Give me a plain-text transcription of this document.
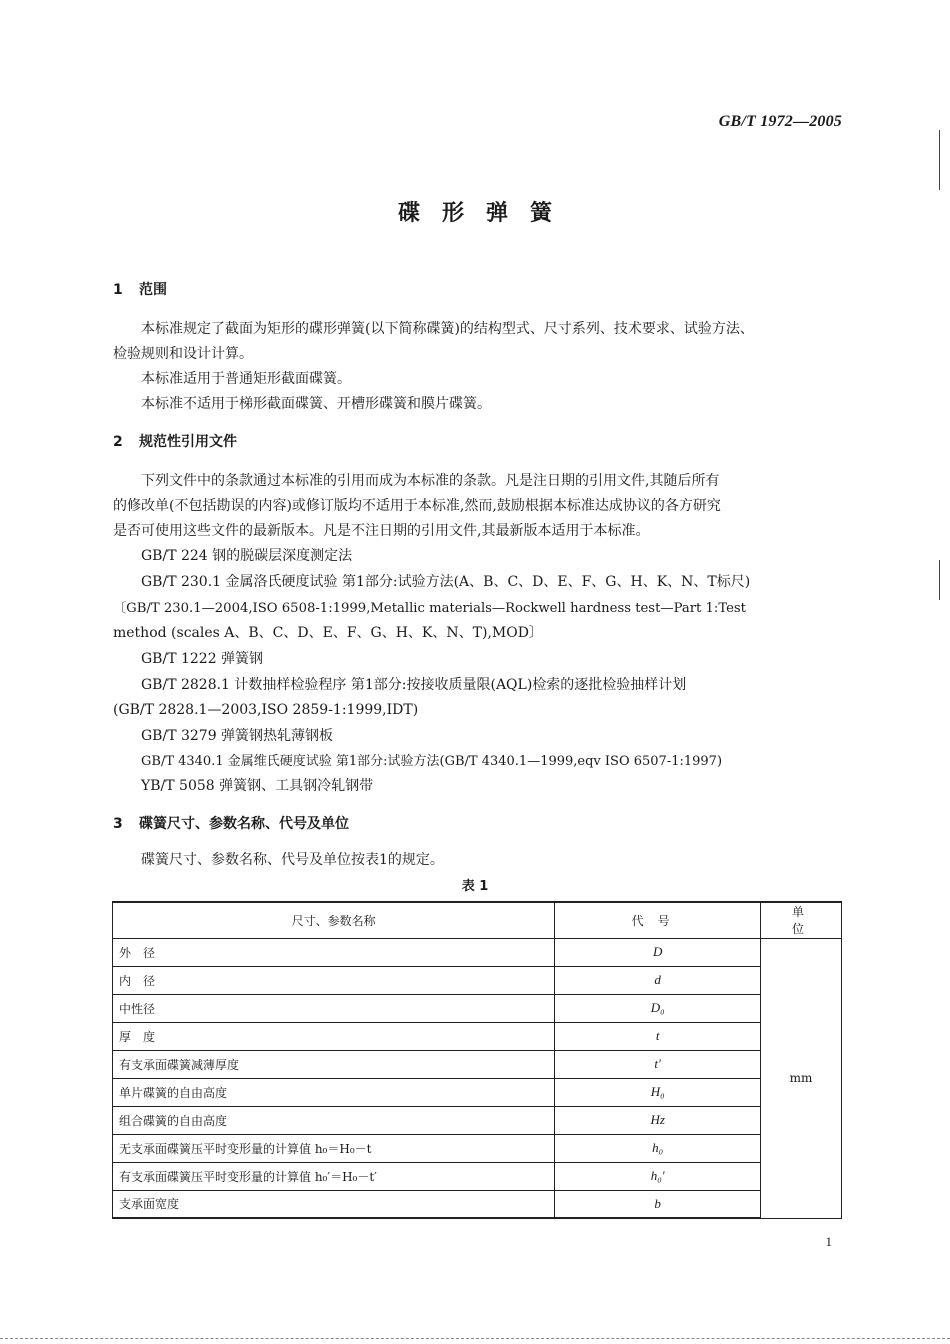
GB/T 1972—2005
碟形弹簧
1 范围
本标准规定了截面为矩形的碟形弹簧(以下简称碟簧)的结构型式、尺寸系列、技术要求、试验方法、
检验规则和设计计算。
本标准适用于普通矩形截面碟簧。
本标准不适用于梯形截面碟簧、开槽形碟簧和膜片碟簧。
2 规范性引用文件
下列文件中的条款通过本标准的引用而成为本标准的条款。凡是注日期的引用文件,其随后所有
的修改单(不包括勘误的内容)或修订版均不适用于本标准,然而,鼓励根据本标准达成协议的各方研究
是否可使用这些文件的最新版本。凡是不注日期的引用文件,其最新版本适用于本标准。
GB/T 224 钢的脱碳层深度测定法
GB/T 230.1 金属洛氏硬度试验 第1部分:试验方法(A、B、C、D、E、F、G、H、K、N、T标尺)
〔GB/T 230.1—2004,ISO 6508-1:1999,Metallic materials—Rockwell hardness test—Part 1:Test
method (scales A、B、C、D、E、F、G、H、K、N、T),MOD〕
GB/T 1222 弹簧钢
GB/T 2828.1 计数抽样检验程序 第1部分:按接收质量限(AQL)检索的逐批检验抽样计划
(GB/T 2828.1—2003,ISO 2859-1:1999,IDT)
GB/T 3279 弹簧钢热轧薄钢板
GB/T 4340.1 金属维氏硬度试验 第1部分:试验方法(GB/T 4340.1—1999,eqv ISO 6507-1:1997)
YB/T 5058 弹簧钢、工具钢冷轧钢带
3 碟簧尺寸、参数名称、代号及单位
碟簧尺寸、参数名称、代号及单位按表1的规定。
表 1
尺寸、参数名称	代号	单位
外　径	D	mm
内　径	d	
中性径	D₀	
厚　度	t	
有支承面碟簧减薄厚度	t′	
单片碟簧的自由高度	H₀	
组合碟簧的自由高度	Hz	
无支承面碟簧压平时变形量的计算值 h₀＝H₀－t	h₀	
有支承面碟簧压平时变形量的计算值 h₀′＝H₀－t′	h₀′	
支承面宽度	b	
1
